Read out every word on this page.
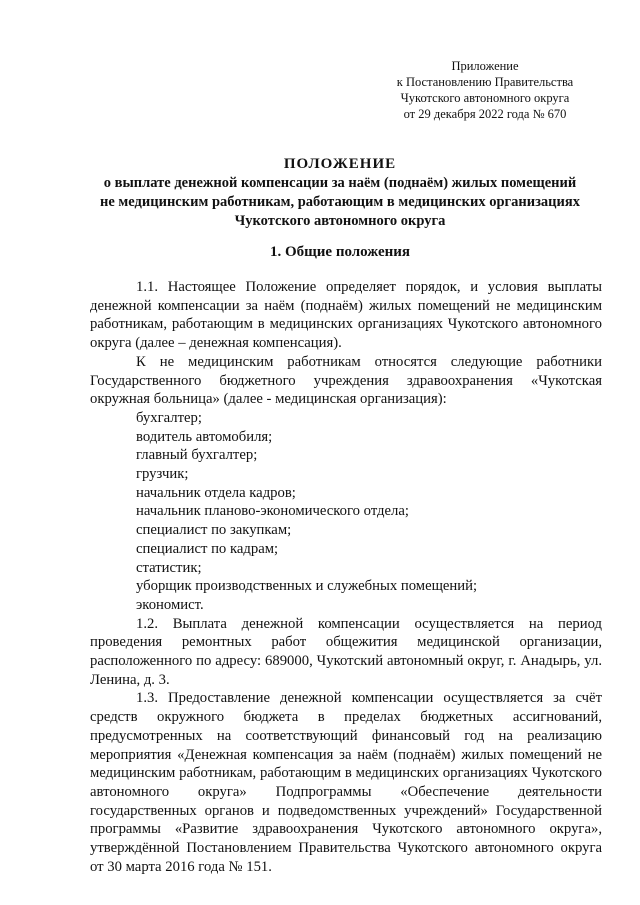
Приложение
к Постановлению Правительства
Чукотского автономного округа
от 29 декабря 2022 года № 670
ПОЛОЖЕНИЕ
о выплате денежной компенсации за наём (поднаём) жилых помещений
не медицинским работникам, работающим в медицинских организациях
Чукотского автономного округа
1. Общие положения

1.1. Настоящее Положение определяет порядок, и условия выплаты денежной компенсации за наём (поднаём) жилых помещений не медицинским работникам, работающим в медицинских организациях Чукотского автономного округа (далее – денежная компенсация).

К не медицинским работникам относятся следующие работники Государственного бюджетного учреждения здравоохранения «Чукотская окружная больница» (далее - медицинская организация):

бухгалтер;
водитель автомобиля;
главный бухгалтер;
грузчик;
начальник отдела кадров;
начальник планово-экономического отдела;
специалист по закупкам;
специалист по кадрам;
статистик;
уборщик производственных и служебных помещений;
экономист.

1.2. Выплата денежной компенсации осуществляется на период проведения ремонтных работ общежития медицинской организации, расположенного по адресу: 689000, Чукотский автономный округ, г. Анадырь, ул. Ленина, д. 3.

1.3. Предоставление денежной компенсации осуществляется за счёт средств окружного бюджета в пределах бюджетных ассигнований, предусмотренных на соответствующий финансовый год на реализацию мероприятия «Денежная компенсация за наём (поднаём) жилых помещений не медицинским работникам, работающим в медицинских организациях Чукотского автономного округа» Подпрограммы «Обеспечение деятельности государственных органов и подведомственных учреждений» Государственной программы «Развитие здравоохранения Чукотского автономного округа», утверждённой Постановлением Правительства Чукотского автономного округа от 30 марта 2016 года № 151.
